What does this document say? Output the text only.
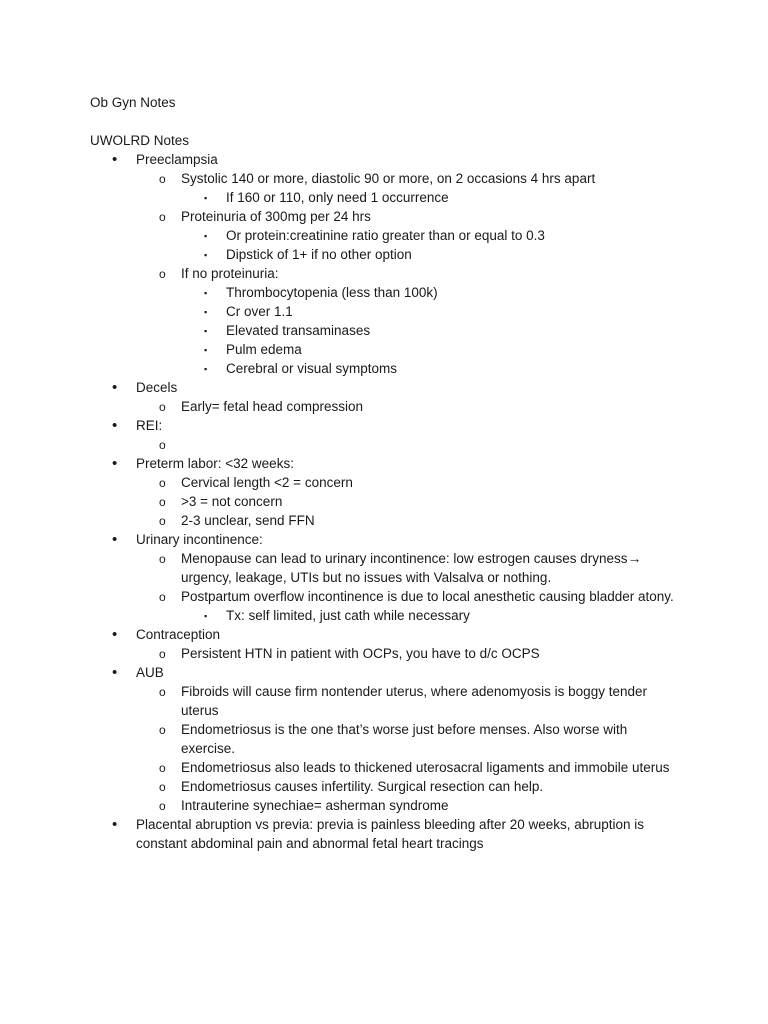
Ob Gyn Notes
UWOLRD Notes
• Preeclampsia
o Systolic 140 or more, diastolic 90 or more, on 2 occasions 4 hrs apart
▪ If 160 or 110, only need 1 occurrence
o Proteinuria of 300mg per 24 hrs
▪ Or protein:creatinine ratio greater than or equal to 0.3
▪ Dipstick of 1+ if no other option
o If no proteinuria:
▪ Thrombocytopenia (less than 100k)
▪ Cr over 1.1
▪ Elevated transaminases
▪ Pulm edema
▪ Cerebral or visual symptoms
• Decels
o Early= fetal head compression
• REI:
o
• Preterm labor: <32 weeks:
o Cervical length <2 = concern
o >3 = not concern
o 2-3 unclear, send FFN
• Urinary incontinence:
o Menopause can lead to urinary incontinence: low estrogen causes dryness→
urgency, leakage, UTIs but no issues with Valsalva or nothing.
o Postpartum overflow incontinence is due to local anesthetic causing bladder atony.
▪ Tx: self limited, just cath while necessary
• Contraception
o Persistent HTN in patient with OCPs, you have to d/c OCPS
• AUB
o Fibroids will cause firm nontender uterus, where adenomyosis is boggy tender uterus
o Endometriosus is the one that’s worse just before menses. Also worse with exercise.
o Endometriosus also leads to thickened uterosacral ligaments and immobile uterus
o Endometriosus causes infertility. Surgical resection can help.
o Intrauterine synechiae= asherman syndrome
• Placental abruption vs previa: previa is painless bleeding after 20 weeks, abruption is constant abdominal pain and abnormal fetal heart tracings
